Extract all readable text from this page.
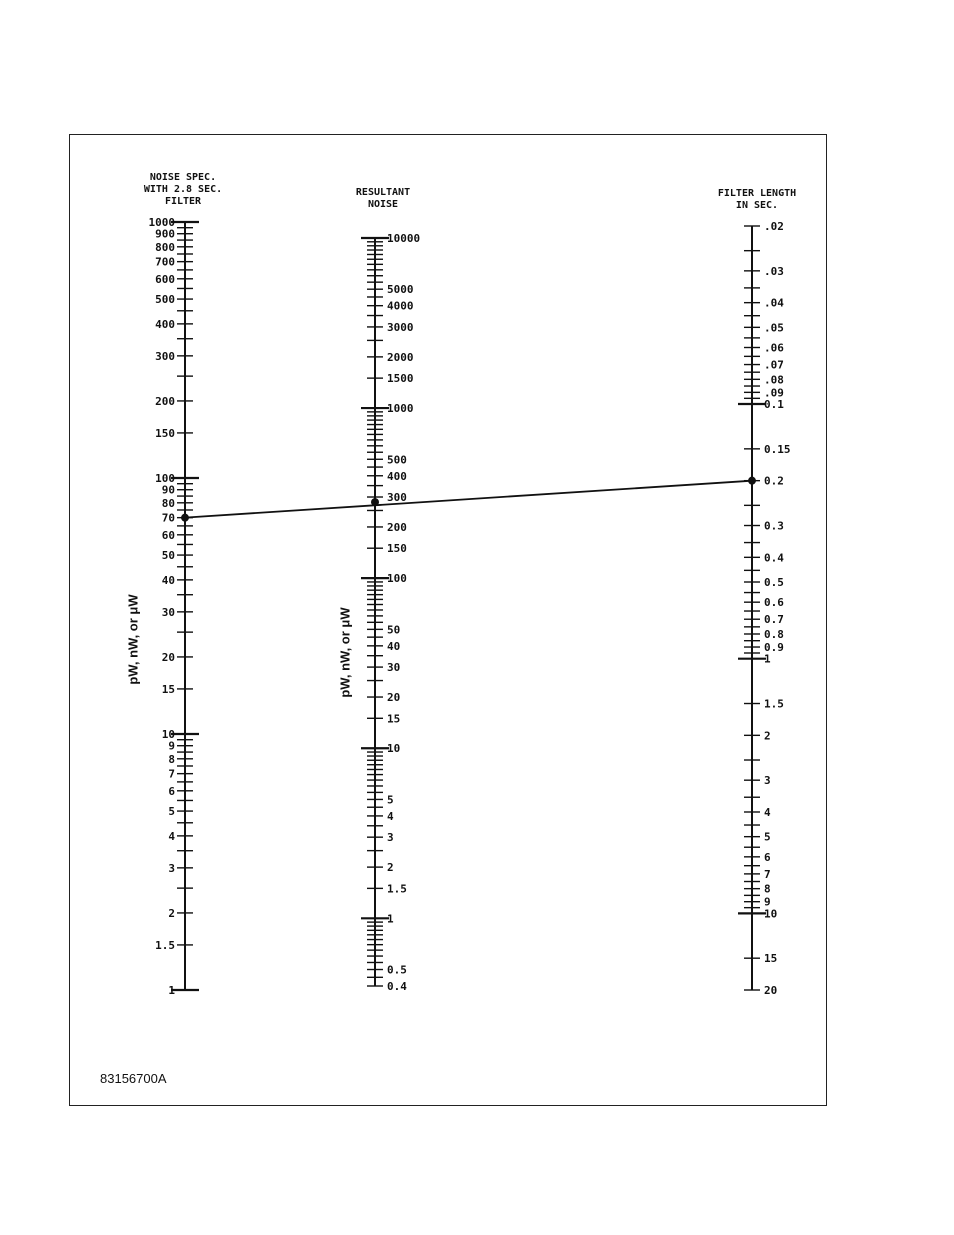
NOISE SPEC.
WITH 2.8 SEC.
FILTER
RESULTANT
NOISE
FILTER LENGTH
IN SEC.
pW, nW, or μW	pW, nW, or μW
83156700A
1000
900
800
700
600
500
400
300
200
150
100
90
80
70
60
50
40
30
20
15
10
9
8
7
6
5
4
3
2
1.5
1
10000
5000
4000
3000
2000
1500
1000
500
400
300
200
150
100
50
40
30
20
15
10
5
4
3
2
1.5
1
0.5
0.4
.02
.03
.04
.05
.06
.07
.08
.09
0.1
0.15
0.2
0.3
0.4
0.5
0.6
0.7
0.8
0.9
1
1.5
2
3
4
5
6
7
8
9
10
15
20
